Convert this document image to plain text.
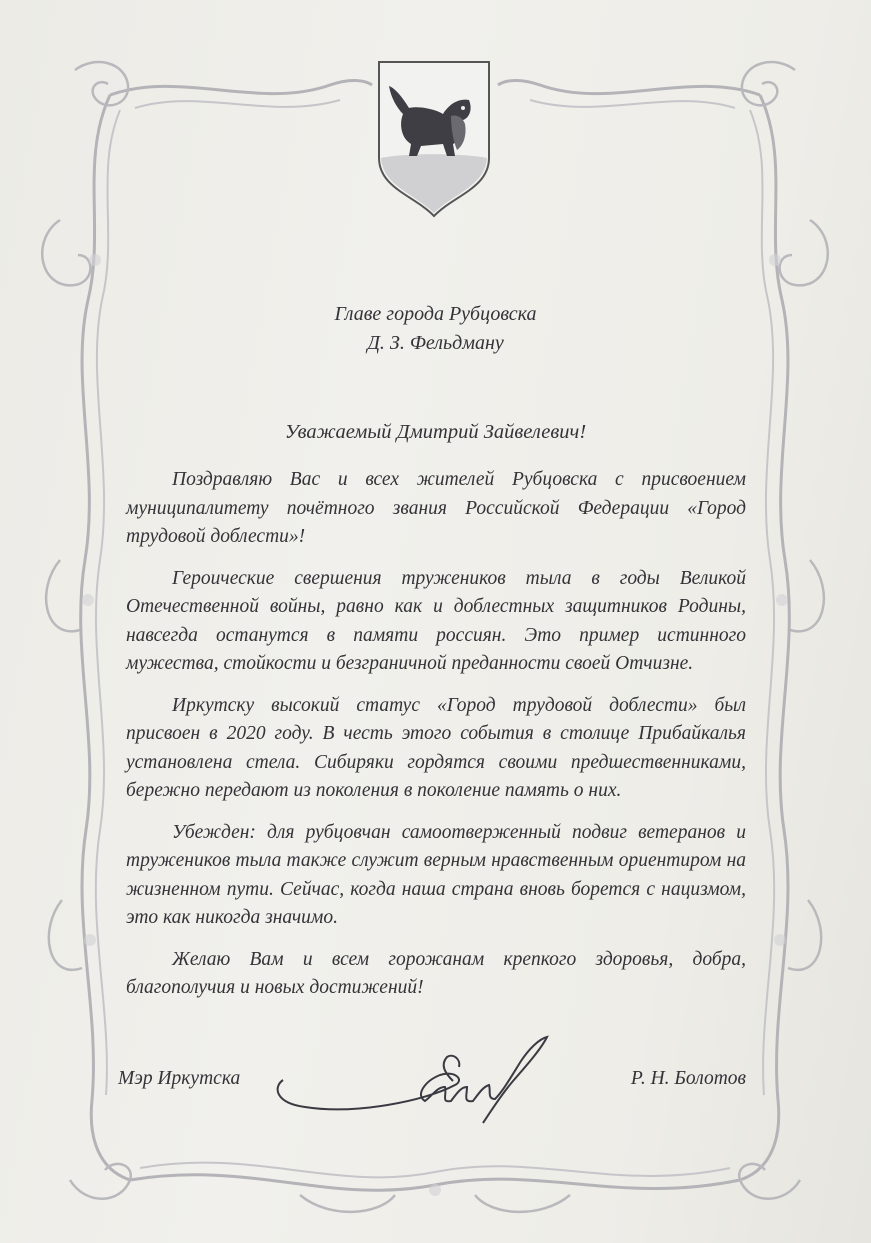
Главе города Рубцовска
Д. З. Фельдману
Уважаемый Дмитрий Зайвелевич!

Поздравляю Вас и всех жителей Рубцовска с присвоением муниципалитету почётного звания Российской Федерации «Город трудовой доблести»!

Героические свершения тружеников тыла в годы Великой Отечественной войны, равно как и доблестных защитников Родины, навсегда останутся в памяти россиян. Это пример истинного мужества, стойкости и безграничной преданности своей Отчизне.

Иркутску высокий статус «Город трудовой доблести» был присвоен в 2020 году. В честь этого события в столице Прибайкалья установлена стела. Сибиряки гордятся своими предшественниками, бережно передают из поколения в поколение память о них.

Убежден: для рубцовчан самоотверженный подвиг ветеранов и тружеников тыла также служит верным нравственным ориентиром на жизненном пути. Сейчас, когда наша страна вновь борется с нацизмом, это как никогда значимо.

Желаю Вам и всем горожанам крепкого здоровья, добра, благополучия и новых достижений!

Мэр Иркутска	Р. Н. Болотов
